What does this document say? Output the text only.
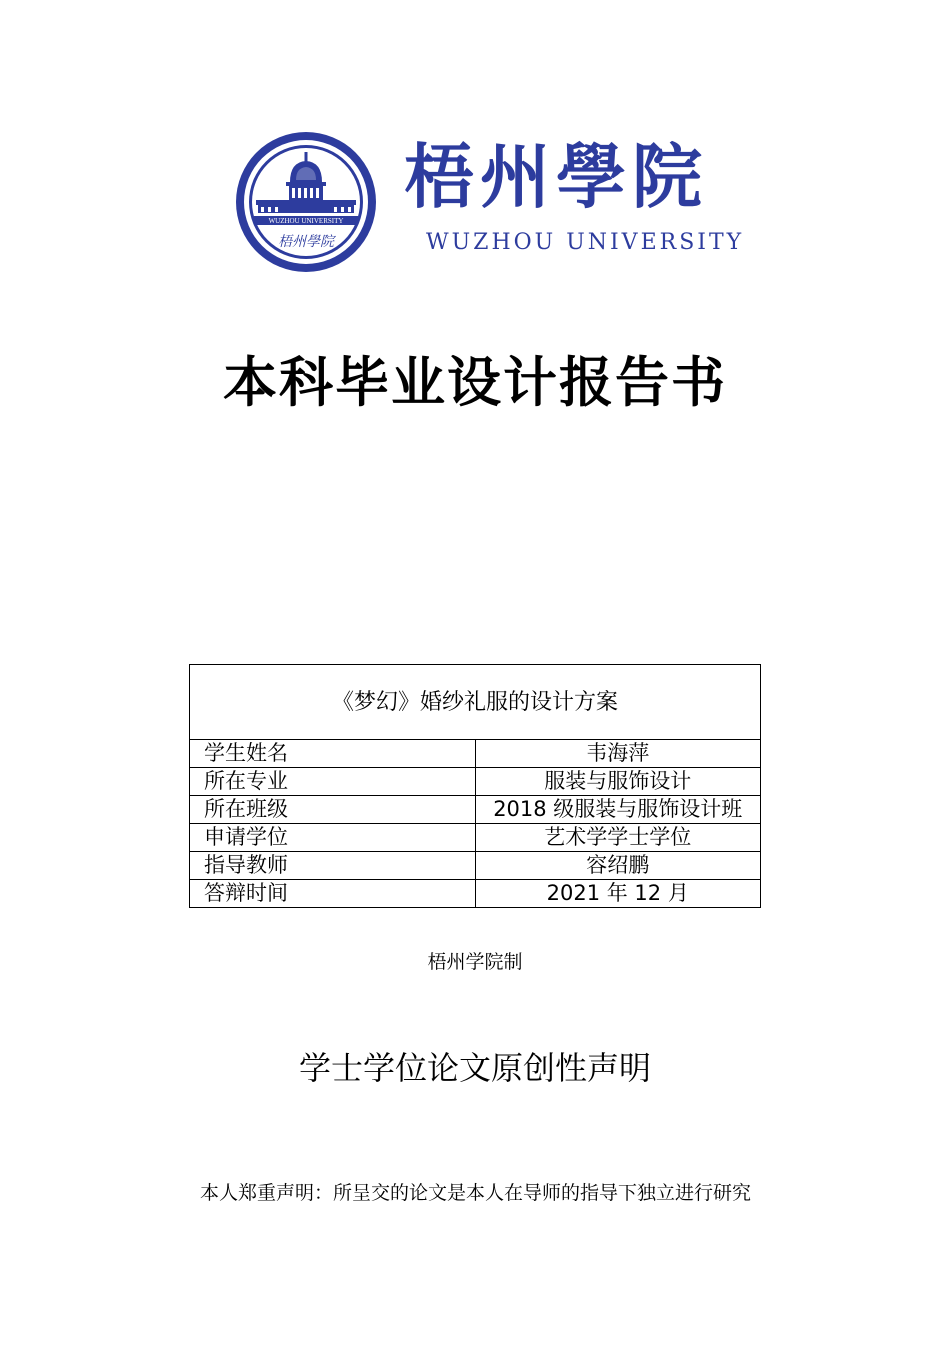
WUZHOU UNIVERSITY
梧州學院
梧州學院
WUZHOU UNIVERSITY
本科毕业设计报告书
《梦幻》婚纱礼服的设计方案	
学生姓名	韦海萍
所在专业	服装与服饰设计
所在班级	2018 级服装与服饰设计班
申请学位	艺术学学士学位
指导教师	容绍鹏
答辩时间	2021 年 12 月
梧州学院制
学士学位论文原创性声明
本人郑重声明：所呈交的论文是本人在导师的指导下独立进行研究
